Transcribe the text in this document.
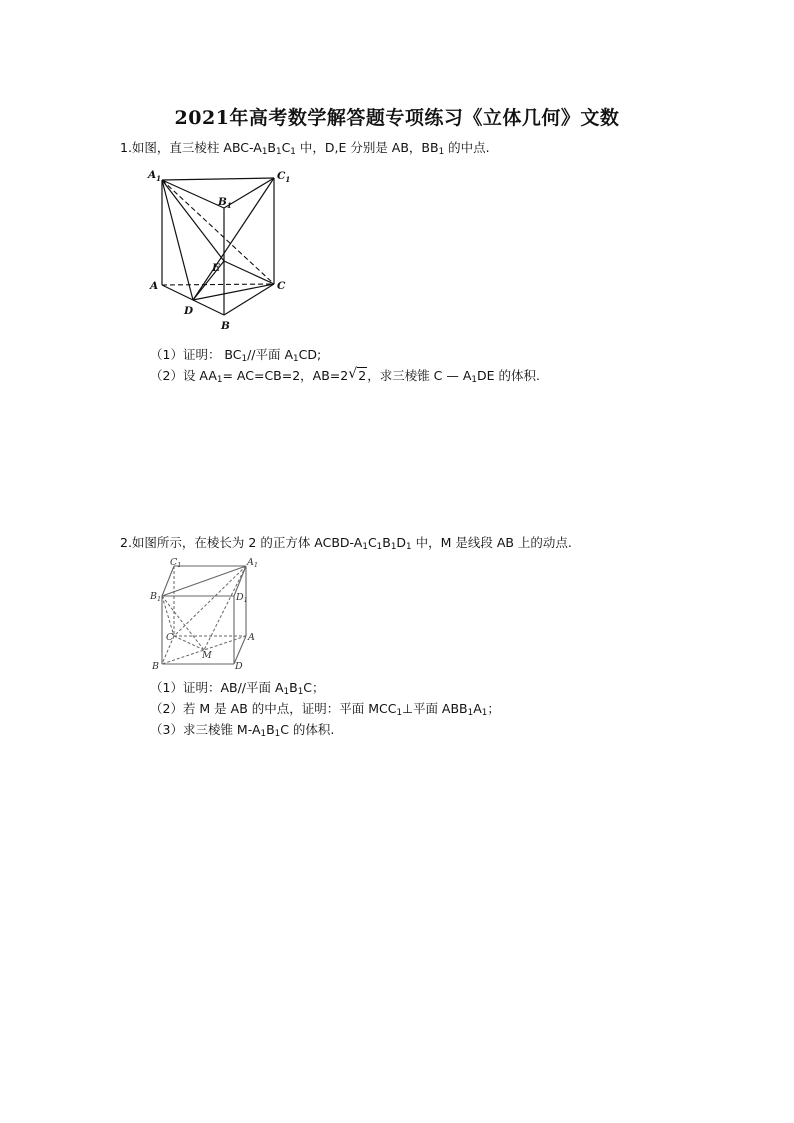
2021年高考数学解答题专项练习《立体几何》文数
1.如图，直三棱柱 ABC-$A_1B_1C_1$ 中，D,E 分别是 AB，$BB_1$ 的中点.
$A_1$	$C_1$
$B_1$
E
A	C
D
B
（1）证明： $BC_1//$平面 $A_1CD$;
（2）设 $AA_1= AC=CB=2$，AB=2 √ 2，求三棱锥 C — $A_1DE$ 的体积.
2.如图所示，在棱长为 2 的正方体 ACBD-$A_1C_1B_1D_1$ 中，M 是线段 AB 上的动点.
$C_1$	$A_1$
$B_1$	$D_1$
C	A
M
B	D
（1）证明：AB//平面 $A_1B_1C$；
（2）若 M 是 AB 的中点，证明：平面 $MCC_1\perp$平面 $ABB_1A_1$；
（3）求三棱锥 $M-A_1B_1C$ 的体积.
